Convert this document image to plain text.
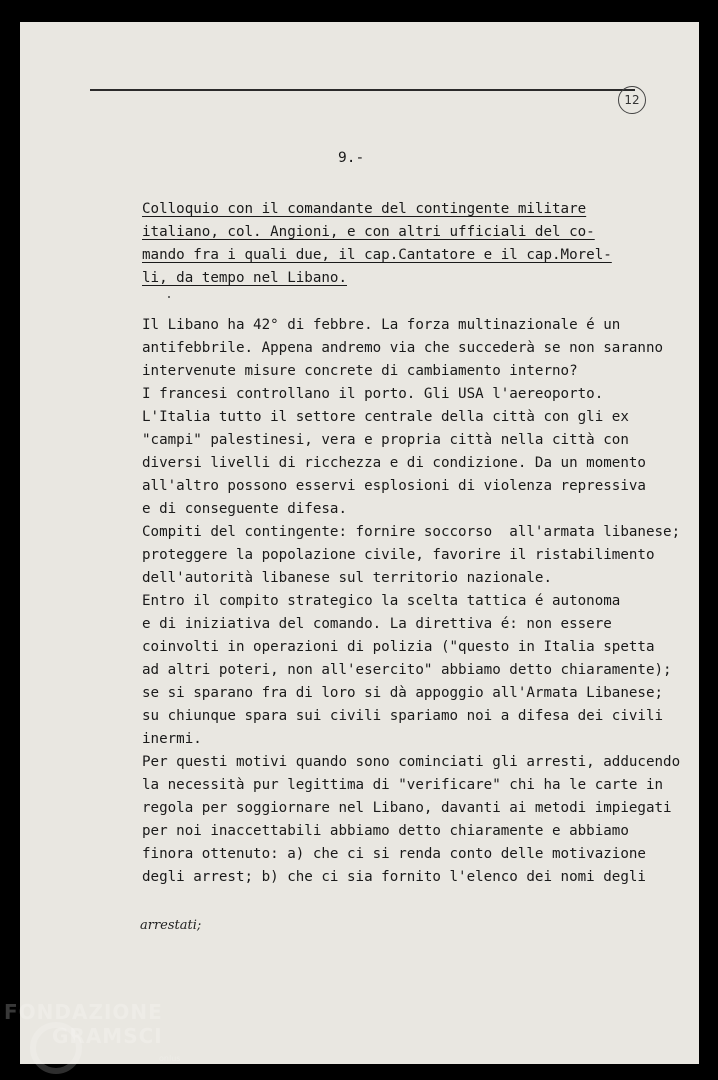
12
9.-
Colloquio con il comandante del contingente militare
italiano, col. Angioni, e con altri ufficiali del co-
mando fra i quali due, il cap.Cantatore e il cap.Morel-
li, da tempo nel Libano.
Il Libano ha 42° di febbre. La forza multinazionale é un
antifebbrile. Appena andremo via che succederà se non saranno
intervenute misure concrete di cambiamento interno?
I francesi controllano il porto. Gli USA l'aereoporto.
L'Italia tutto il settore centrale della città con gli ex
"campi" palestinesi, vera e propria città nella città con
diversi livelli di ricchezza e di condizione. Da un momento
all'altro possono esservi esplosioni di violenza repressiva
e di conseguente difesa.
Compiti del contingente: fornire soccorso  all'armata libanese;
proteggere la popolazione civile, favorire il ristabilimento
dell'autorità libanese sul territorio nazionale.
Entro il compito strategico la scelta tattica é autonoma
e di iniziativa del comando. La direttiva é: non essere
coinvolti in operazioni di polizia ("questo in Italia spetta
ad altri poteri, non all'esercito" abbiamo detto chiaramente);
se si sparano fra di loro si dà appoggio all'Armata Libanese;
su chiunque spara sui civili spariamo noi a difesa dei civili
inermi.
Per questi motivi quando sono cominciati gli arresti, adducendo
la necessità pur legittima di "verificare" chi ha le carte in
regola per soggiornare nel Libano, davanti ai metodi impiegati
per noi inaccettabili abbiamo detto chiaramente e abbiamo
finora ottenuto: a) che ci si renda conto delle motivazione
degli arrest; b) che ci sia fornito l'elenco dei nomi degli
arrestati;
FONDAZIONE
GRAMSCI
onlus
